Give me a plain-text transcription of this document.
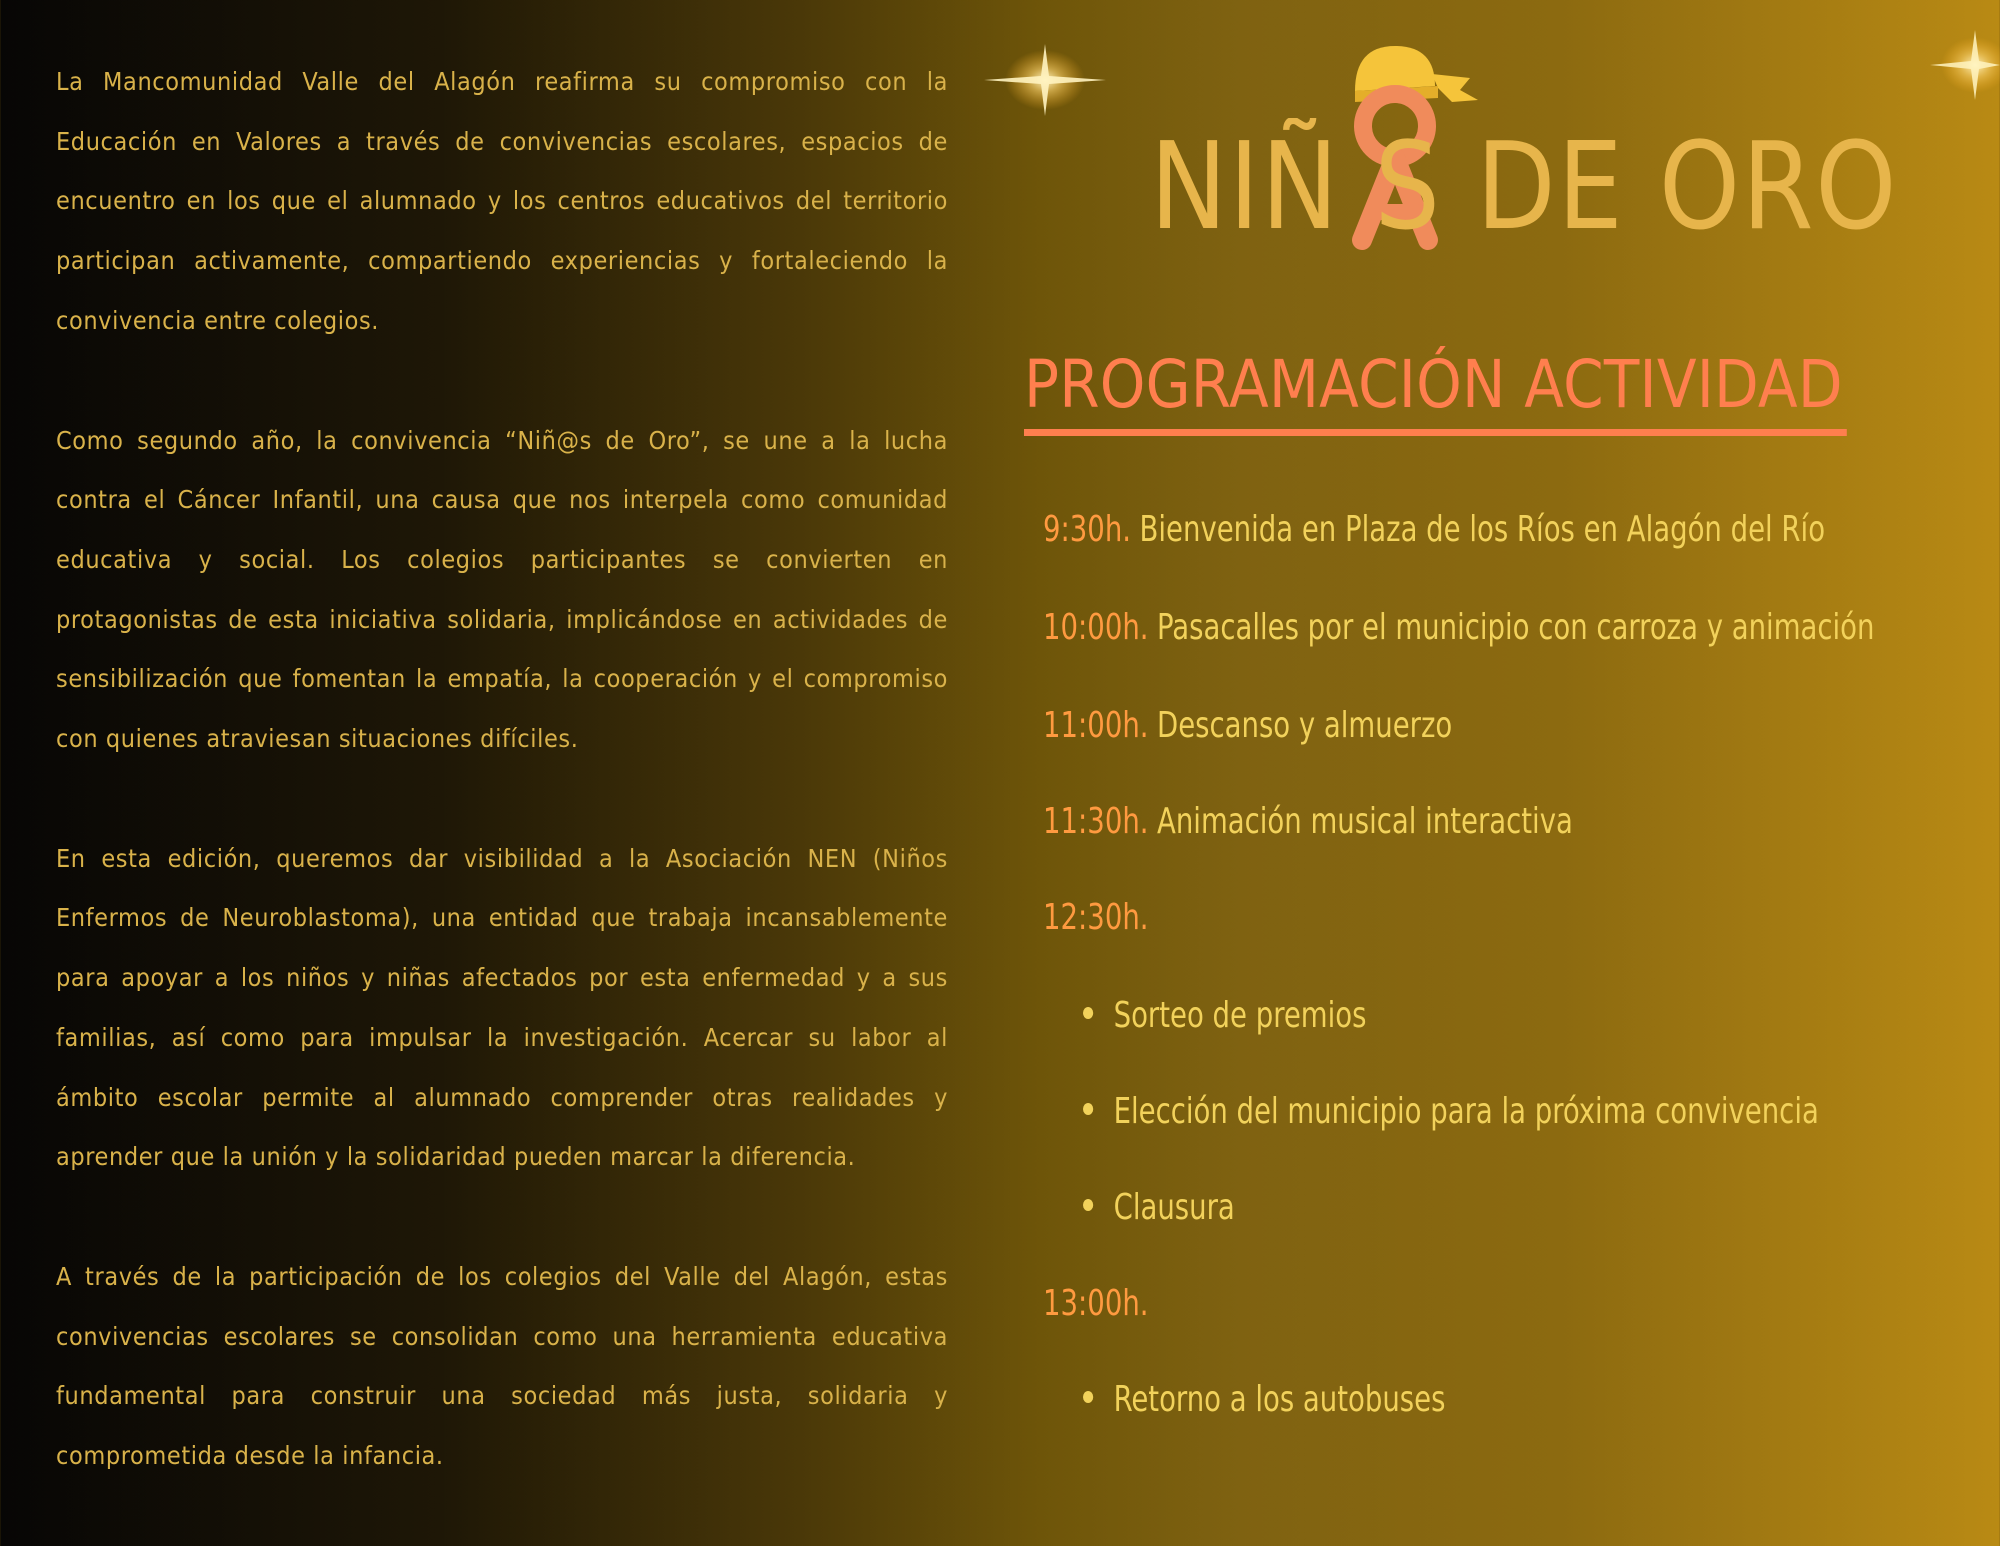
La Mancomunidad Valle del Alagón reafirma su compromiso con la Educación en Valores a través de convivencias escolares, espacios de encuentro en los que el alumnado y los centros educativos del territorio participan activamente, compartiendo experiencias y fortaleciendo la convivencia entre colegios.

Como segundo año, la convivencia “Niñ@s de Oro”, se une a la lucha contra el Cáncer Infantil, una causa que nos interpela como comunidad educativa y social. Los colegios participantes se convierten en protagonistas de esta iniciativa solidaria, implicándose en actividades de sensibilización que fomentan la empatía, la cooperación y el compromiso con quienes atraviesan situaciones difíciles.

En esta edición, queremos dar visibilidad a la Asociación NEN (Niños Enfermos de Neuroblastoma), una entidad que trabaja incansablemente para apoyar a los niños y niñas afectados por esta enfermedad y a sus familias, así como para impulsar la investigación. Acercar su labor al ámbito escolar permite al alumnado comprender otras realidades y aprender que la unión y la solidaridad pueden marcar la diferencia.

A través de la participación de los colegios del Valle del Alagón, estas convivencias escolares se consolidan como una herramienta educativa fundamental para construir una sociedad más justa, solidaria y comprometida desde la infancia.

NIÑ S DE ORO
PROGRAMACIÓN ACTIVIDAD
9:30h. Bienvenida en Plaza de los Ríos en Alagón del Río
10:00h. Pasacalles por el municipio con carroza y animación
11:00h. Descanso y almuerzo
11:30h. Animación musical interactiva
12:30h.
Sorteo de premios
Elección del municipio para la próxima convivencia
Clausura
13:00h.
Retorno a los autobuses
